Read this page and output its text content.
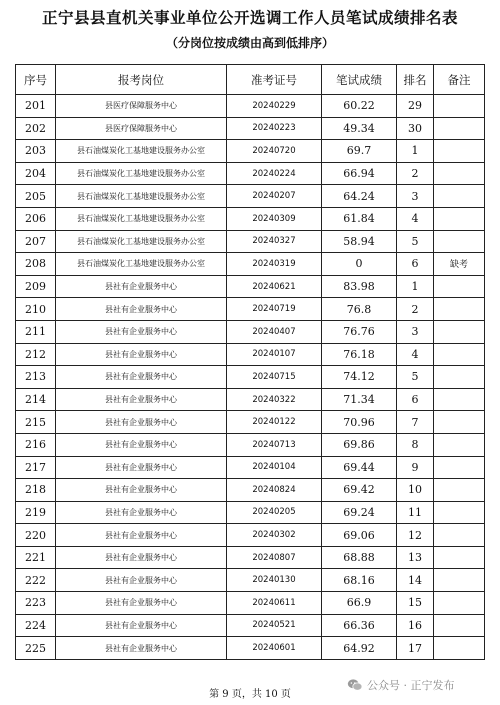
正宁县县直机关事业单位公开选调工作人员笔试成绩排名表
（分岗位按成绩由高到低排序）
序号	报考岗位	准考证号	笔试成绩	排名	备注
201	县医疗保障服务中心	20240229	60.22	29	
202	县医疗保障服务中心	20240223	49.34	30	
203	县石油煤炭化工基地建设服务办公室	20240720	69.7	1	
204	县石油煤炭化工基地建设服务办公室	20240224	66.94	2	
205	县石油煤炭化工基地建设服务办公室	20240207	64.24	3	
206	县石油煤炭化工基地建设服务办公室	20240309	61.84	4	
207	县石油煤炭化工基地建设服务办公室	20240327	58.94	5	
208	县石油煤炭化工基地建设服务办公室	20240319	0	6	缺考
209	县社有企业服务中心	20240621	83.98	1	
210	县社有企业服务中心	20240719	76.8	2	
211	县社有企业服务中心	20240407	76.76	3	
212	县社有企业服务中心	20240107	76.18	4	
213	县社有企业服务中心	20240715	74.12	5	
214	县社有企业服务中心	20240322	71.34	6	
215	县社有企业服务中心	20240122	70.96	7	
216	县社有企业服务中心	20240713	69.86	8	
217	县社有企业服务中心	20240104	69.44	9	
218	县社有企业服务中心	20240824	69.42	10	
219	县社有企业服务中心	20240205	69.24	11	
220	县社有企业服务中心	20240302	69.06	12	
221	县社有企业服务中心	20240807	68.88	13	
222	县社有企业服务中心	20240130	68.16	14	
223	县社有企业服务中心	20240611	66.9	15	
224	县社有企业服务中心	20240521	66.36	16	
225	县社有企业服务中心	20240601	64.92	17	
第 9 页，共 10 页
公众号 · 正宁发布
